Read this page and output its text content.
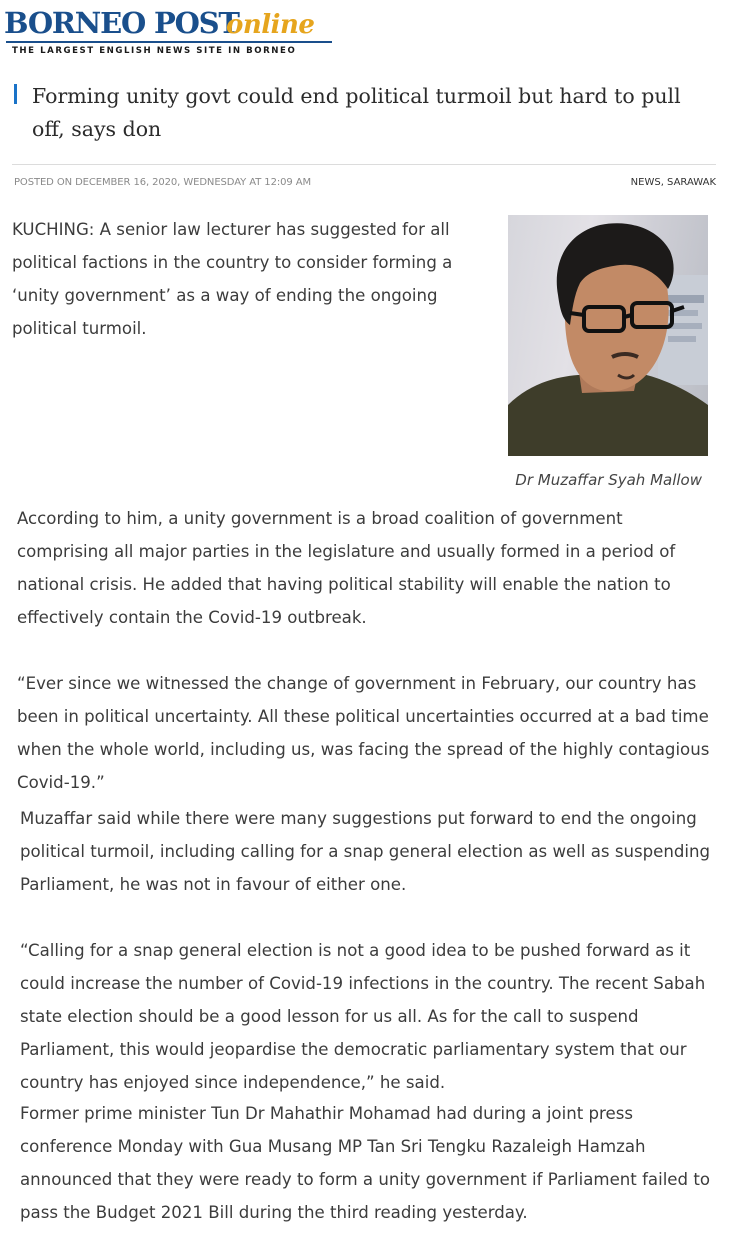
BORNEO POST
online
THE LARGEST ENGLISH NEWS SITE IN BORNEO
Forming unity govt could end political turmoil but hard to pull off, says don
POSTED ON DECEMBER 16, 2020, WEDNESDAY AT 12:09 AM	NEWS, SARAWAK
Dr Muzaffar Syah Mallow

KUCHING: A senior law lecturer has suggested for all political factions in the country to consider forming a ‘unity government’ as a way of ending the ongoing political turmoil.

According to him, a unity government is a broad coalition of government comprising all major parties in the legislature and usually formed in a period of national crisis. He added that having political stability will enable the nation to effectively contain the Covid-19 outbreak.

“Ever since we witnessed the change of government in February, our country has been in political uncertainty. All these political uncertainties occurred at a bad time when the whole world, including us, was facing the spread of the highly contagious Covid-19.”

Muzaffar said while there were many suggestions put forward to end the ongoing political turmoil, including calling for a snap general election as well as suspending Parliament, he was not in favour of either one.

“Calling for a snap general election is not a good idea to be pushed forward as it could increase the number of Covid-19 infections in the country. The recent Sabah state election should be a good lesson for us all. As for the call to suspend Parliament, this would jeopardise the democratic parliamentary system that our country has enjoyed since independence,” he said.

Former prime minister Tun Dr Mahathir Mohamad had during a joint press conference Monday with Gua Musang MP Tan Sri Tengku Razaleigh Hamzah announced that they were ready to form a unity government if Parliament failed to pass the Budget 2021 Bill during the third reading yesterday.
